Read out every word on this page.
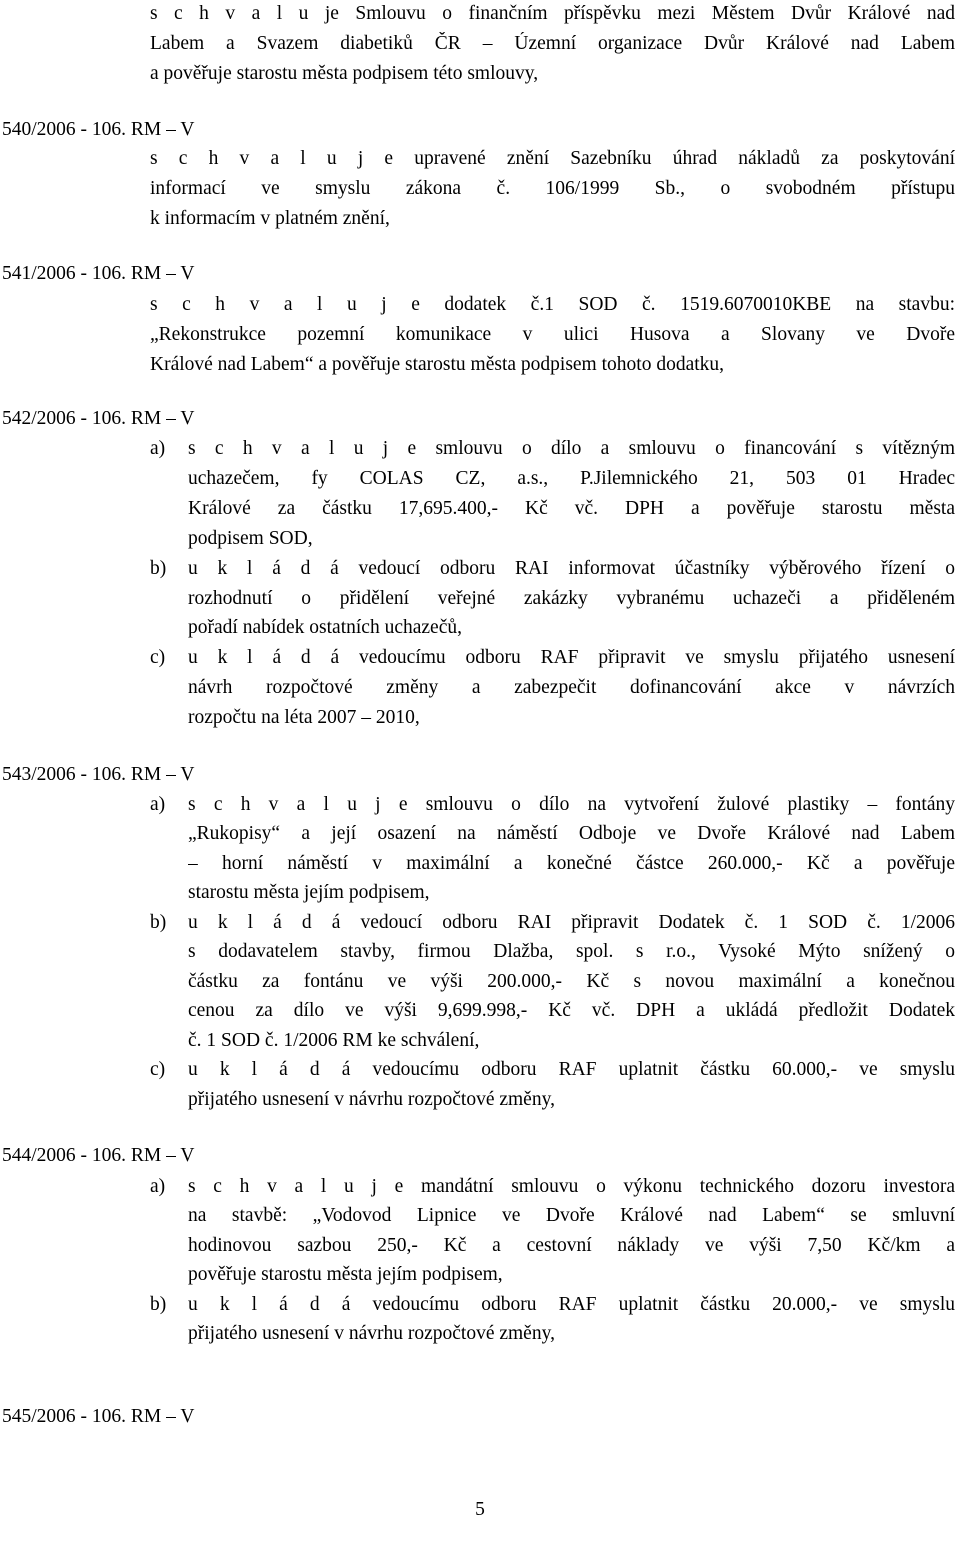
s c h v a l u je Smlouvu o finančním příspěvku mezi Městem Dvůr Králové nad
Labem a Svazem diabetiků ČR – Územní organizace Dvůr Králové nad Labem
a pověřuje starostu města podpisem této smlouvy,
540/2006 - 106. RM – V
s c h v a l u j e upravené znění Sazebníku úhrad nákladů za poskytování
informací ve smyslu zákona č. 106/1999 Sb., o svobodném přístupu
k informacím v platném znění,
541/2006 - 106. RM – V
s c h v a l u j e dodatek č.1 SOD č. 1519.6070010KBE na stavbu:
„Rekonstrukce pozemní komunikace v ulici Husova a Slovany ve Dvoře
Králové nad Labem“ a pověřuje starostu města podpisem tohoto dodatku,
542/2006 - 106. RM – V
a)	s c h v a l u j e smlouvu o dílo a smlouvu o financování s vítězným
uchazečem, fy COLAS CZ, a.s., P.Jilemnického 21, 503 01 Hradec
Králové za částku 17,695.400,- Kč vč. DPH a pověřuje starostu města
podpisem SOD,
b)	u k l á d á vedoucí odboru RAI informovat účastníky výběrového řízení o
rozhodnutí o přidělení veřejné zakázky vybranému uchazeči a přiděleném
pořadí nabídek ostatních uchazečů,
c)	u k l á d á vedoucímu odboru RAF připravit ve smyslu přijatého usnesení
návrh rozpočtové změny a zabezpečit dofinancování akce v návrzích
rozpočtu na léta 2007 – 2010,
543/2006 - 106. RM – V
a)	s c h v a l u j e smlouvu o dílo na vytvoření žulové plastiky – fontány
„Rukopisy“ a její osazení na náměstí Odboje ve Dvoře Králové nad Labem
– horní náměstí v maximální a konečné částce 260.000,- Kč a pověřuje
starostu města jejím podpisem,
b)	u k l á d á vedoucí odboru RAI připravit Dodatek č. 1 SOD č. 1/2006
s dodavatelem stavby, firmou Dlažba, spol. s r.o., Vysoké Mýto snížený o
částku za fontánu ve výši 200.000,- Kč s novou maximální a konečnou
cenou za dílo ve výši 9,699.998,- Kč vč. DPH a ukládá předložit Dodatek
č. 1 SOD č. 1/2006 RM ke schválení,
c)	u k l á d á vedoucímu odboru RAF uplatnit částku 60.000,- ve smyslu
přijatého usnesení v návrhu rozpočtové změny,
544/2006 - 106. RM – V
a)	s c h v a l u j e mandátní smlouvu o výkonu technického dozoru investora
na stavbě: „Vodovod Lipnice ve Dvoře Králové nad Labem“ se smluvní
hodinovou sazbou 250,- Kč a cestovní náklady ve výši 7,50 Kč/km a
pověřuje starostu města jejím podpisem,
b)	u k l á d á vedoucímu odboru RAF uplatnit částku 20.000,- ve smyslu
přijatého usnesení v návrhu rozpočtové změny,
545/2006 - 106. RM – V
5
